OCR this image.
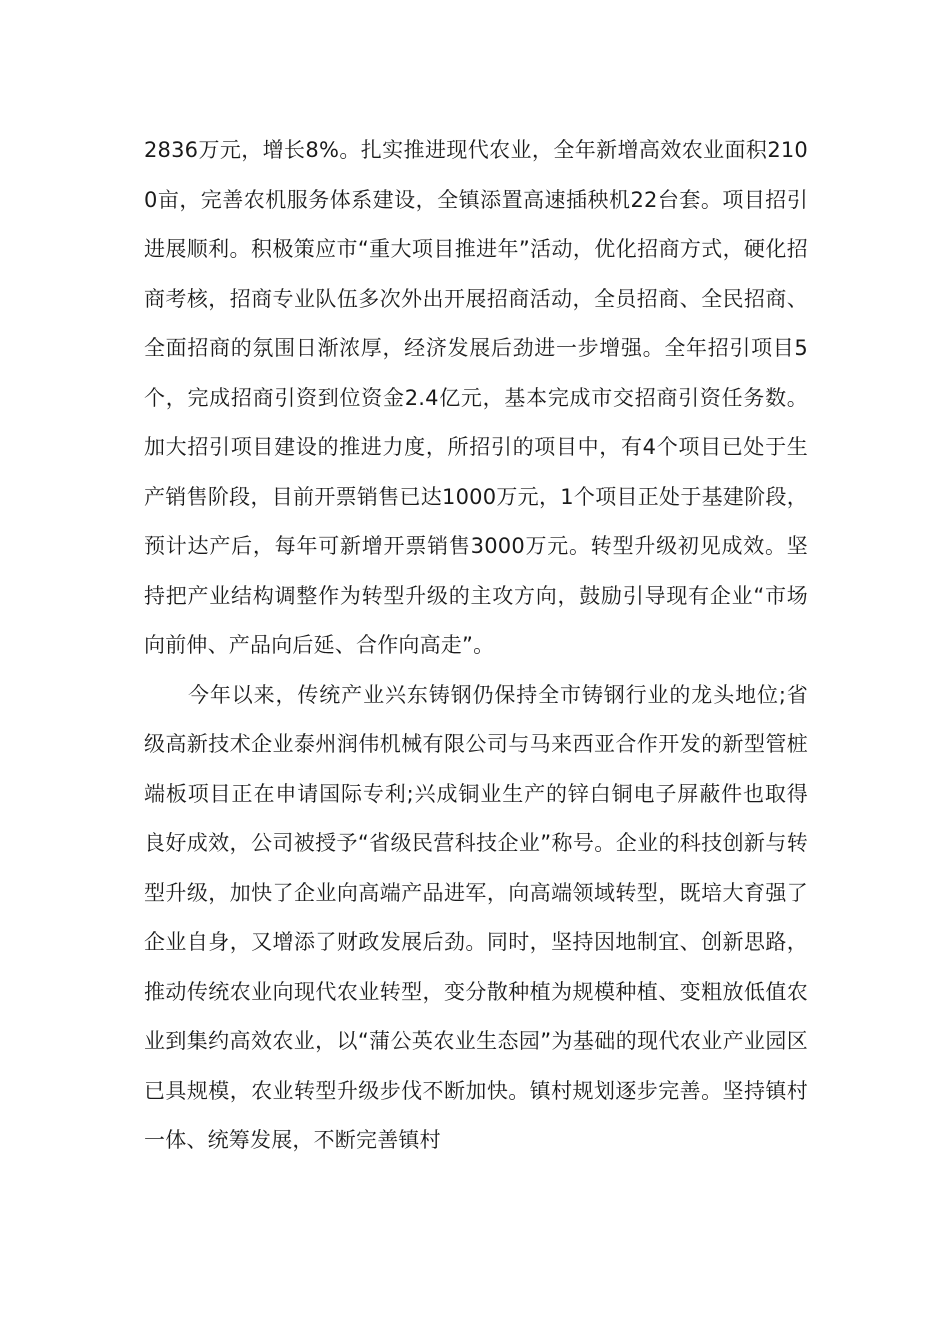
2836万元，增长8%。扎实推进现代农业，全年新增高效农业面积2100亩，完善农机服务体系建设，全镇添置高速插秧机22台套。项目招引进展顺利。积极策应市“重大项目推进年”活动，优化招商方式，硬化招商考核，招商专业队伍多次外出开展招商活动，全员招商、全民招商、全面招商的氛围日渐浓厚，经济发展后劲进一步增强。全年招引项目5个，完成招商引资到位资金2.4亿元，基本完成市交招商引资任务数。加大招引项目建设的推进力度，所招引的项目中，有4个项目已处于生产销售阶段，目前开票销售已达1000万元，1个项目正处于基建阶段，预计达产后，每年可新增开票销售3000万元。转型升级初见成效。坚持把产业结构调整作为转型升级的主攻方向，鼓励引导现有企业“市场向前伸、产品向后延、合作向高走”。

今年以来，传统产业兴东铸钢仍保持全市铸钢行业的龙头地位;省级高新技术企业泰州润伟机械有限公司与马来西亚合作开发的新型管桩端板项目正在申请国际专利;兴成铜业生产的锌白铜电子屏蔽件也取得良好成效，公司被授予“省级民营科技企业”称号。企业的科技创新与转型升级，加快了企业向高端产品进军，向高端领域转型，既培大育强了企业自身，又增添了财政发展后劲。同时，坚持因地制宜、创新思路，推动传统农业向现代农业转型，变分散种植为规模种植、变粗放低值农业到集约高效农业，以“蒲公英农业生态园”为基础的现代农业产业园区已具规模，农业转型升级步伐不断加快。镇村规划逐步完善。坚持镇村一体、统筹发展，不断完善镇村
